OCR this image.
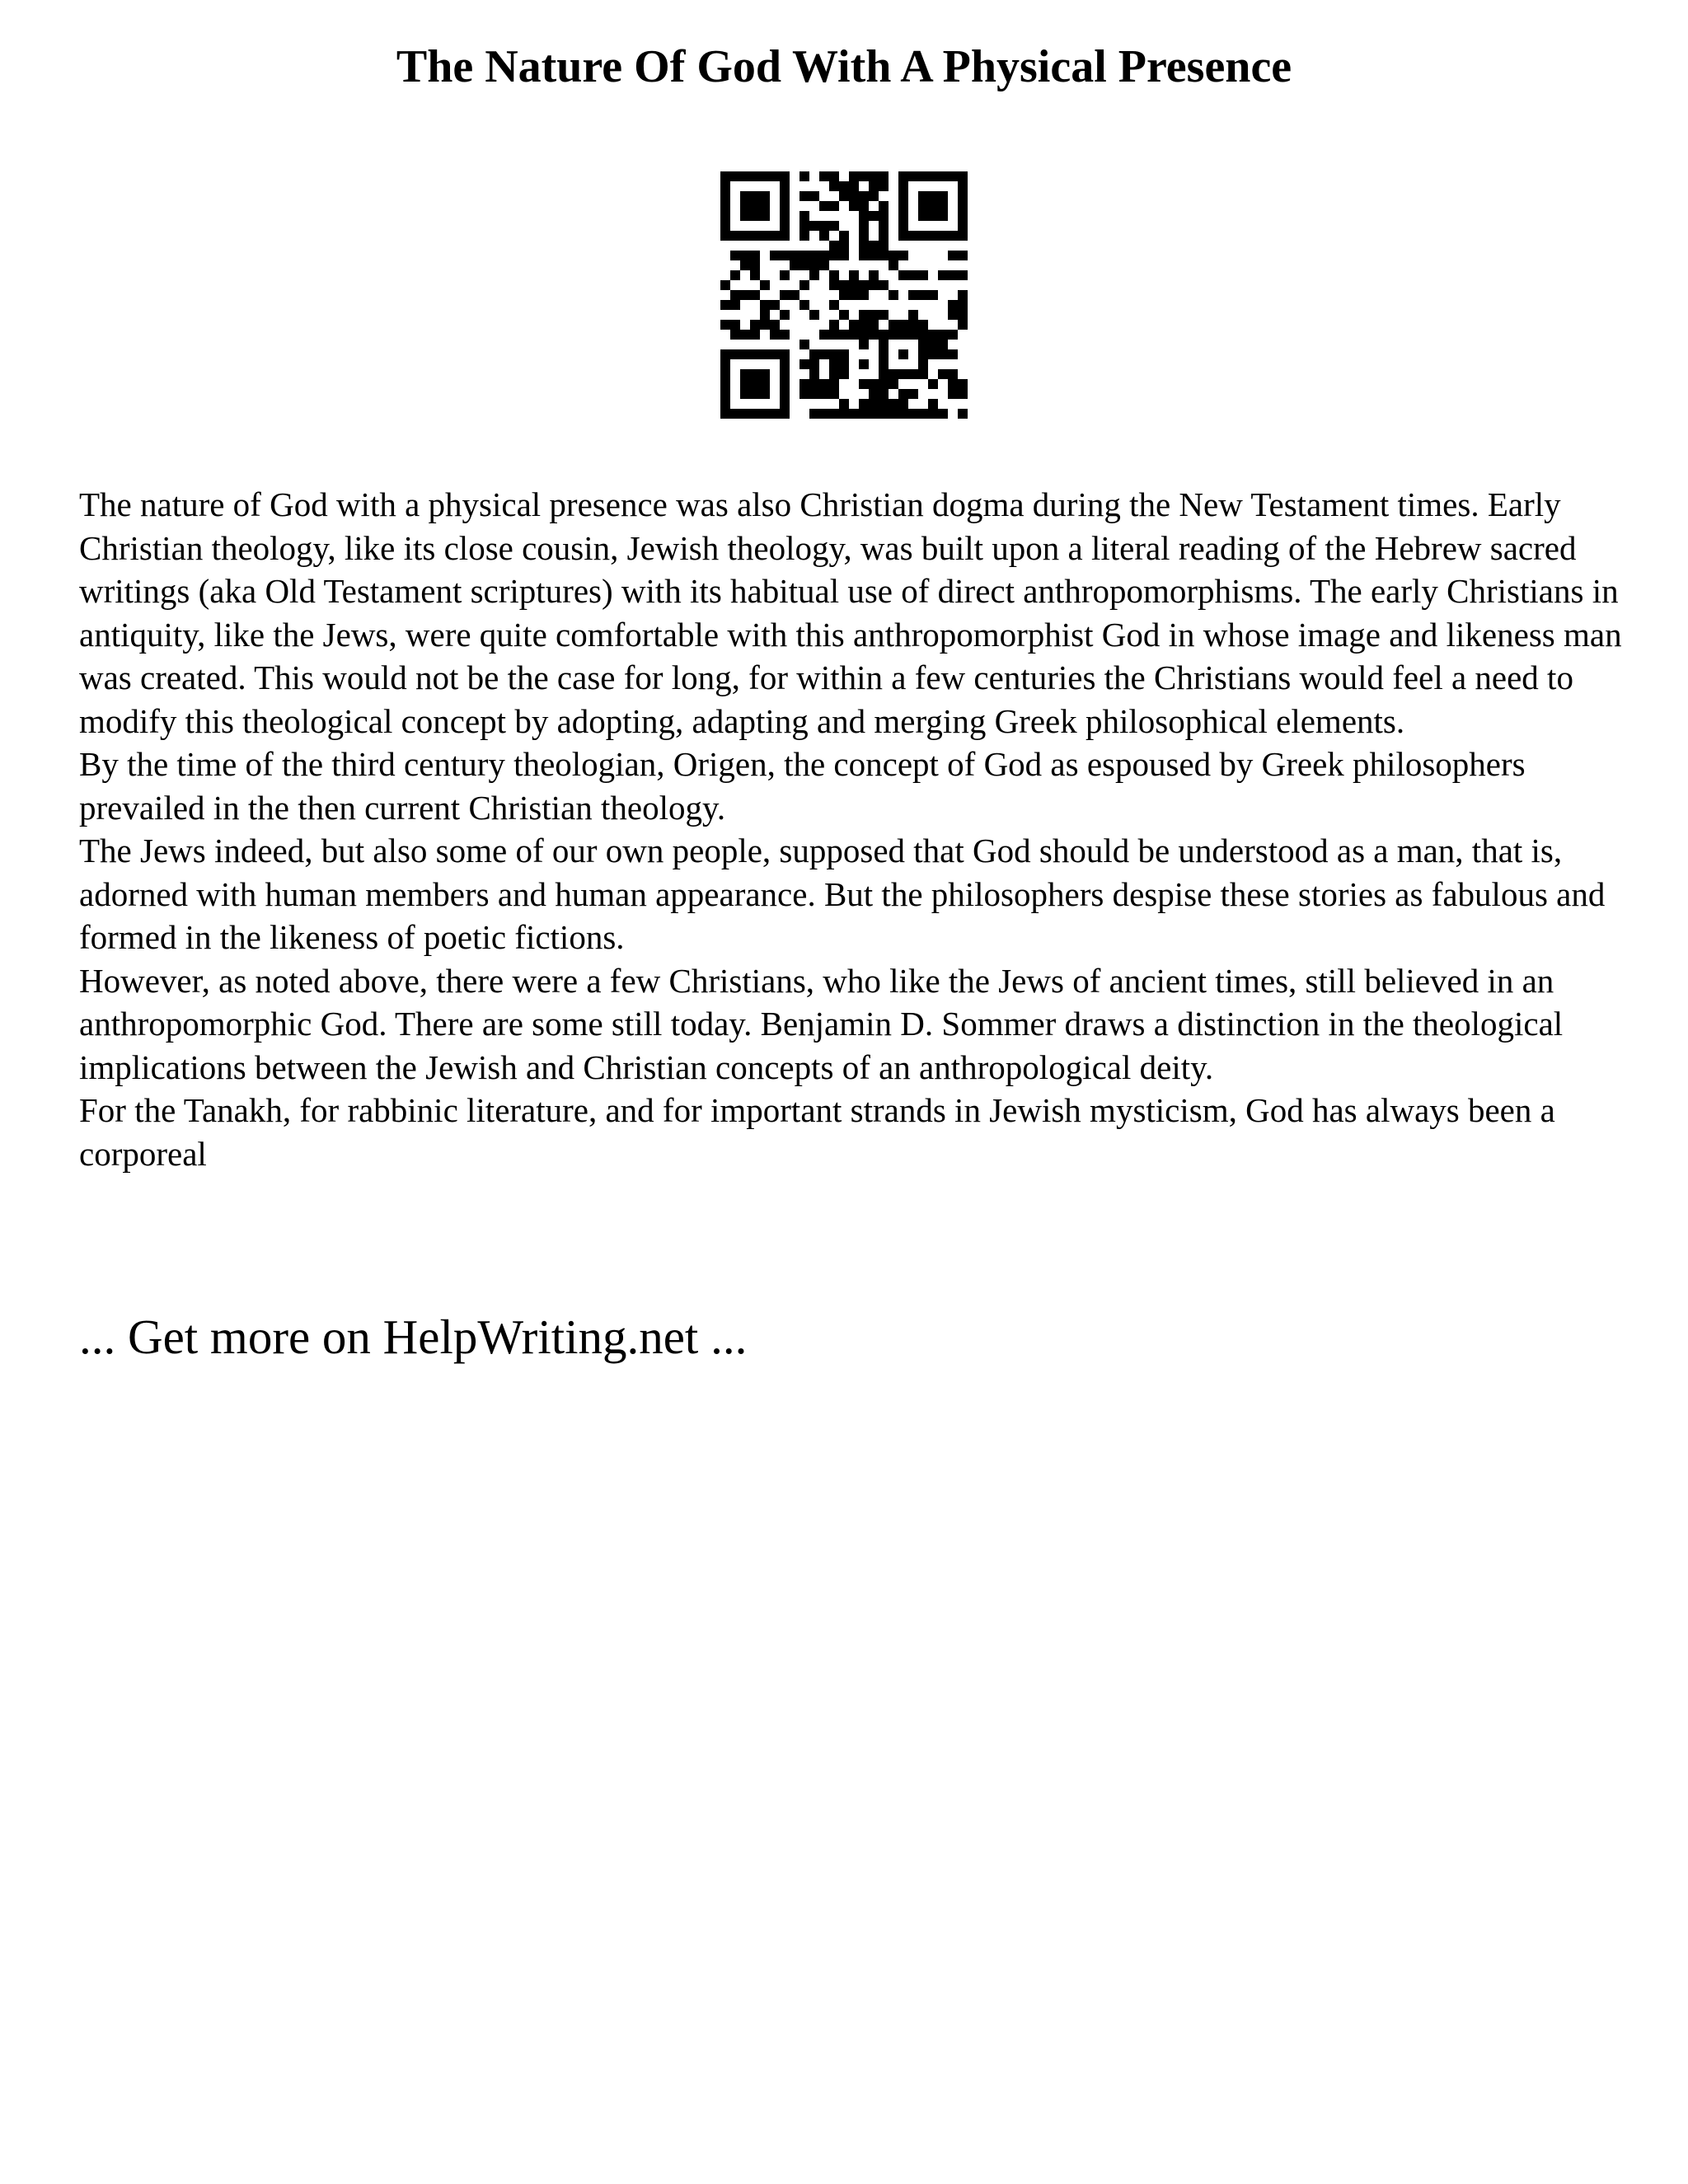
The Nature Of God With A Physical Presence

The nature of God with a physical presence was also Christian dogma during the New Testament times. Early Christian theology, like its close cousin, Jewish theology, was built upon a literal reading of the Hebrew sacred writings (aka Old Testament scriptures) with its habitual use of direct anthropomorphisms. The early Christians in antiquity, like the Jews, were quite comfortable with this anthropomorphist God in whose image and likeness man was created. This would not be the case for long, for within a few centuries the Christians would feel a need to modify this theological concept by adopting, adapting and merging Greek philosophical elements.

By the time of the third century theologian, Origen, the concept of God as espoused by Greek philosophers prevailed in the then current Christian theology.

The Jews indeed, but also some of our own people, supposed that God should be understood as a man, that is, adorned with human members and human appearance. But the philosophers despise these stories as fabulous and formed in the likeness of poetic fictions.

However, as noted above, there were a few Christians, who like the Jews of ancient times, still believed in an anthropomorphic God. There are some still today. Benjamin D. Sommer draws a distinction in the theological implications between the Jewish and Christian concepts of an anthropological deity.

For the Tanakh, for rabbinic literature, and for important strands in Jewish mysticism, God has always been a corporeal

... Get more on HelpWriting.net ...
